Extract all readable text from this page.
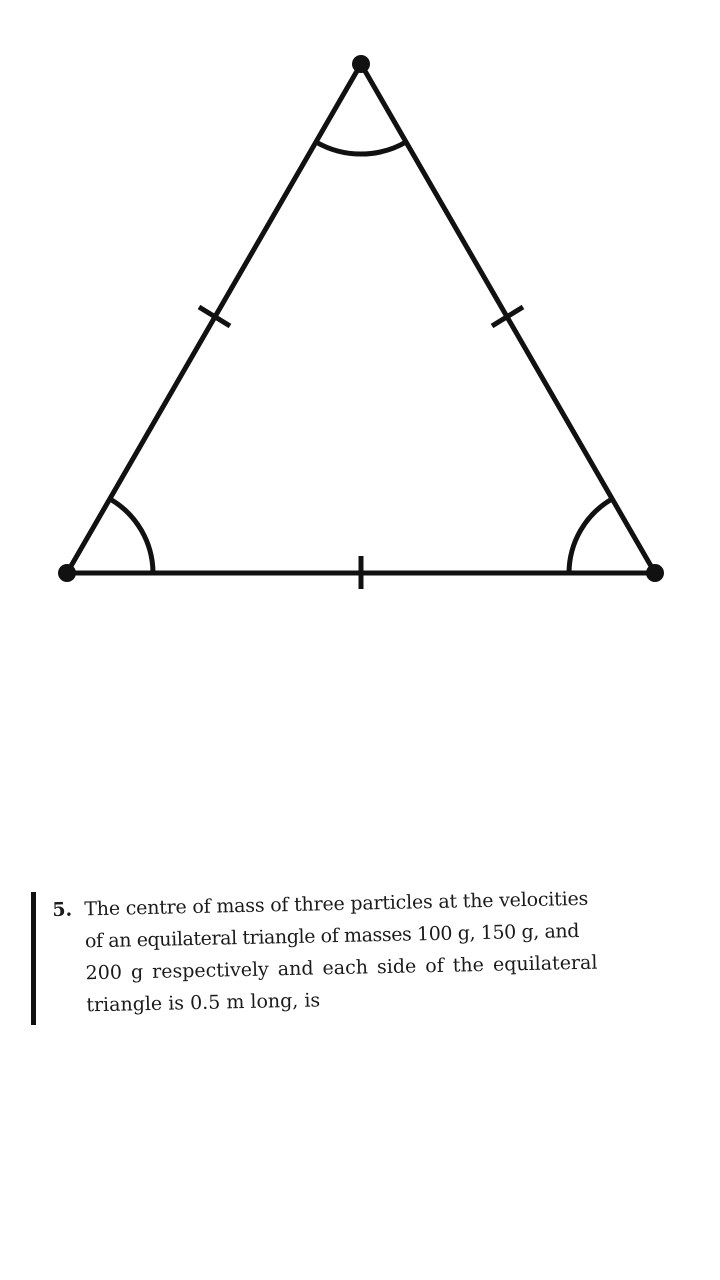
5. The centre of mass of three particles at the velocities
of an equilateral triangle of masses 100 g, 150 g, and
200 g respectively and each side of the equilateral
triangle is 0.5 m long, is
